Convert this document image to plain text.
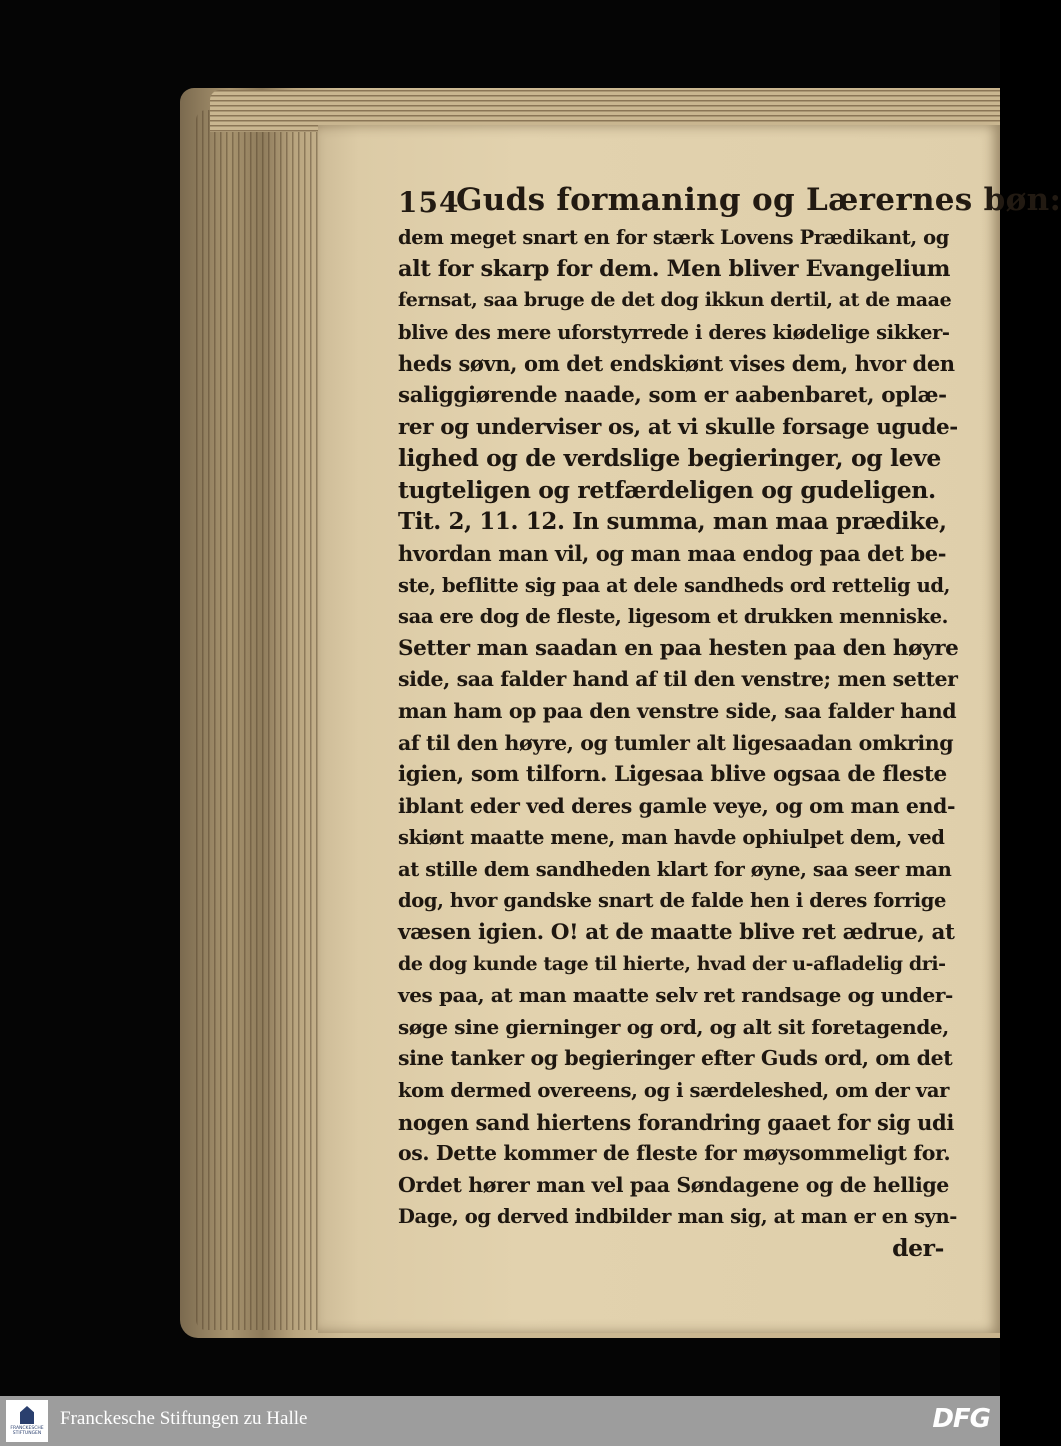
154
Guds formaning og Lærernes bøn:
dem meget snart en for stærk Lovens Prædikant, og
alt for skarp for dem. Men bliver Evangelium
fernsat, saa bruge de det dog ikkun dertil, at de maae
blive des mere uforstyrrede i deres kiødelige sikker-
heds søvn, om det endskiønt vises dem, hvor den
saliggiørende naade, som er aabenbaret, oplæ-
rer og underviser os, at vi skulle forsage ugude-
lighed og de verdslige begieringer, og leve
tugteligen og retfærdeligen og gudeligen.
Tit. 2, 11. 12. In summa, man maa prædike,
hvordan man vil, og man maa endog paa det be-
ste, beflitte sig paa at dele sandheds ord rettelig ud,
saa ere dog de fleste, ligesom et drukken menniske.
Setter man saadan en paa hesten paa den høyre
side, saa falder hand af til den venstre; men setter
man ham op paa den venstre side, saa falder hand
af til den høyre, og tumler alt ligesaadan omkring
igien, som tilforn. Ligesaa blive ogsaa de fleste
iblant eder ved deres gamle veye, og om man end-
skiønt maatte mene, man havde ophiulpet dem, ved
at stille dem sandheden klart for øyne, saa seer man
dog, hvor gandske snart de falde hen i deres forrige
væsen igien. O! at de maatte blive ret ædrue, at
de dog kunde tage til hierte, hvad der u-afladelig dri-
ves paa, at man maatte selv ret randsage og under-
søge sine gierninger og ord, og alt sit foretagende,
sine tanker og begieringer efter Guds ord, om det
kom dermed overeens, og i særdeleshed, om der var
nogen sand hiertens forandring gaaet for sig udi
os. Dette kommer de fleste for møysommeligt for.
Ordet hører man vel paa Søndagene og de hellige
Dage, og derved indbilder man sig, at man er en syn-
der-
FRANCKESCHE STIFTUNGEN
Franckesche Stiftungen zu Halle	DFG
